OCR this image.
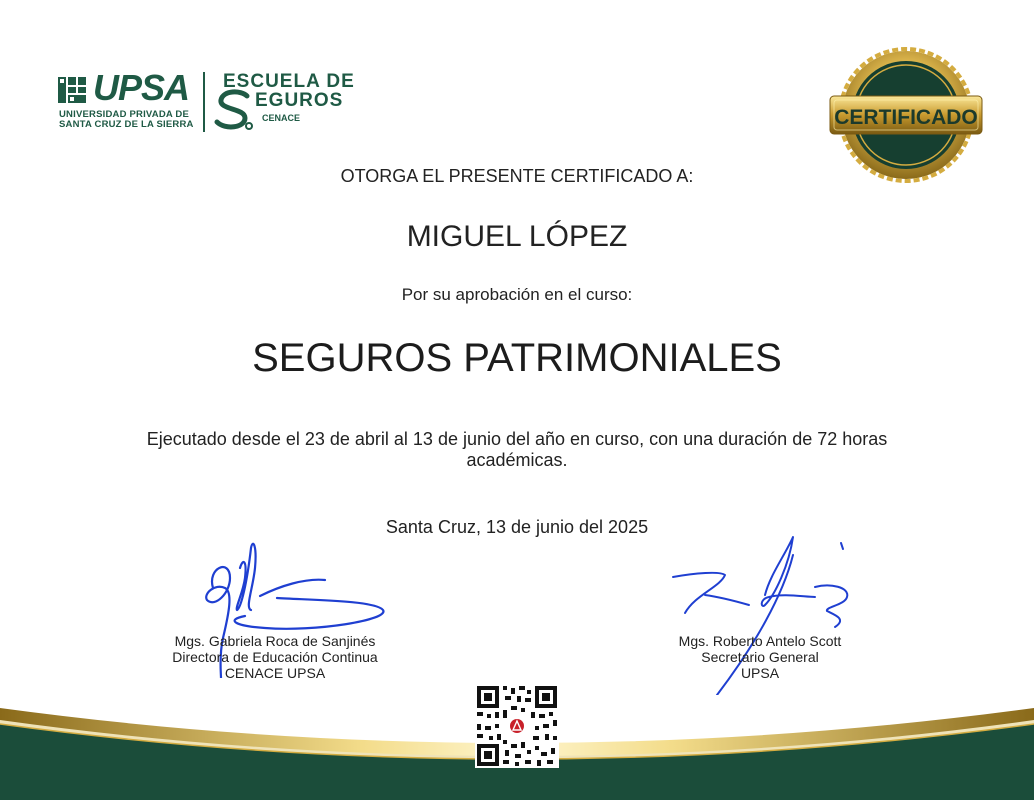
UPSA
UNIVERSIDAD PRIVADA DE
SANTA CRUZ DE LA SIERRA
ESCUELA DE
EGUROS
CENACE	CERTIFICADO
OTORGA EL PRESENTE CERTIFICADO A:
MIGUEL LÓPEZ
Por su aprobación en el curso:
SEGUROS PATRIMONIALES
Ejecutado desde el 23 de abril al 13 de junio del año en curso, con una duración de 72 horas académicas.
Santa Cruz, 13 de junio del 2025
Mgs. Gabriela Roca de Sanjinés
Directora de Educación Continua
CENACE UPSA
Mgs. Roberto Antelo Scott
Secretario General
UPSA
